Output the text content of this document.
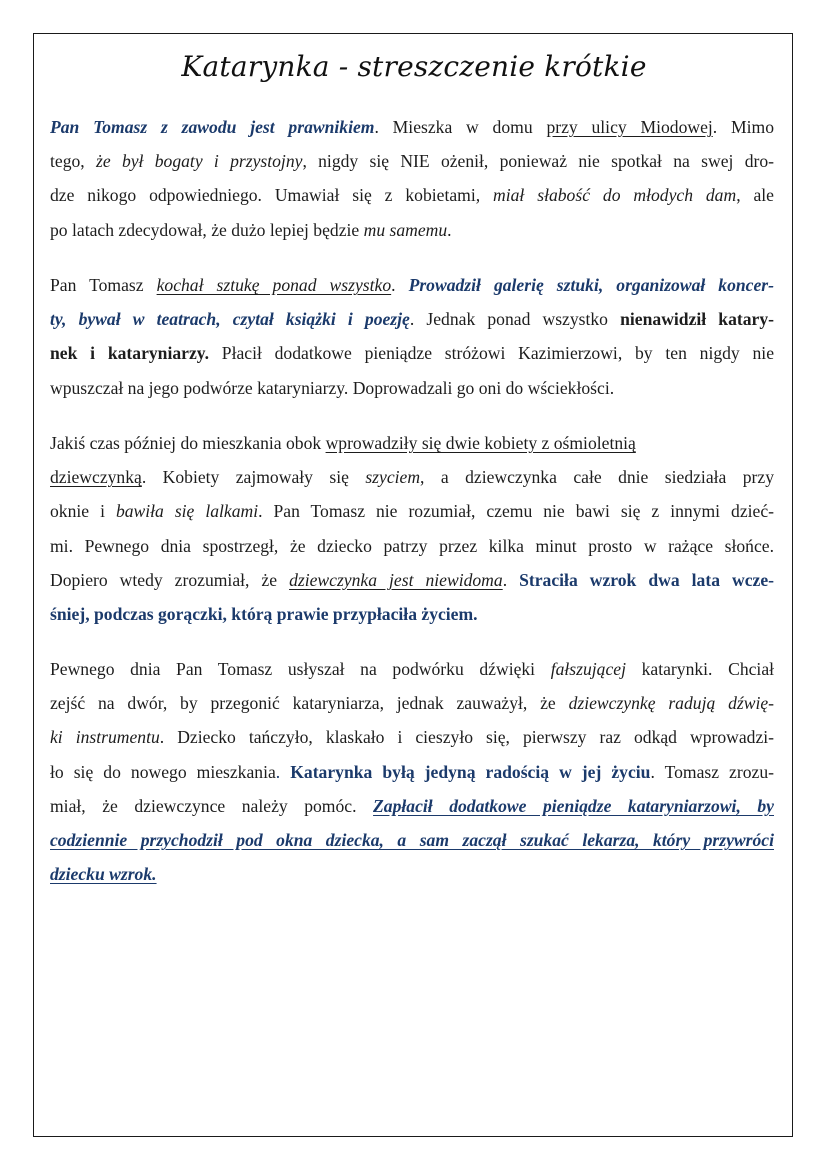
Katarynka - streszczenie krótkie
Pan Tomasz z zawodu jest prawnikiem. Mieszka w domu przy ulicy Miodowej. Mimo
tego, że był bogaty i przystojny, nigdy się NIE ożenił, ponieważ nie spotkał na swej dro-
dze nikogo odpowiedniego. Umawiał się z kobietami, miał słabość do młodych dam, ale
po latach zdecydował, że dużo lepiej będzie mu samemu.
Pan Tomasz kochał sztukę ponad wszystko. Prowadził galerię sztuki, organizował koncer-
ty, bywał w teatrach, czytał książki i poezję. Jednak ponad wszystko nienawidził katary-
nek i kataryniarzy. Płacił dodatkowe pieniądze stróżowi Kazimierzowi, by ten nigdy nie
wpuszczał na jego podwórze kataryniarzy. Doprowadzali go oni do wściekłości.
Jakiś czas później do mieszkania obok wprowadziły się dwie kobiety z ośmioletnią
dziewczynką. Kobiety zajmowały się szyciem, a dziewczynka całe dnie siedziała przy
oknie i bawiła się lalkami. Pan Tomasz nie rozumiał, czemu nie bawi się z innymi dzieć-
mi. Pewnego dnia spostrzegł, że dziecko patrzy przez kilka minut prosto w rażące słońce.
Dopiero wtedy zrozumiał, że dziewczynka jest niewidoma. Straciła wzrok dwa lata wcze-
śniej, podczas gorączki, którą prawie przypłaciła życiem.
Pewnego dnia Pan Tomasz usłyszał na podwórku dźwięki fałszującej katarynki. Chciał
zejść na dwór, by przegonić kataryniarza, jednak zauważył, że dziewczynkę radują dźwię-
ki instrumentu. Dziecko tańczyło, klaskało i cieszyło się, pierwszy raz odkąd wprowadzi-
ło się do nowego mieszkania. Katarynka byłą jedyną radością w jej życiu. Tomasz zrozu-
miał, że dziewczynce należy pomóc. Zapłacił dodatkowe pieniądze kataryniarzowi, by
codziennie przychodził pod okna dziecka, a sam zaczął szukać lekarza, który przywróci
dziecku wzrok.
